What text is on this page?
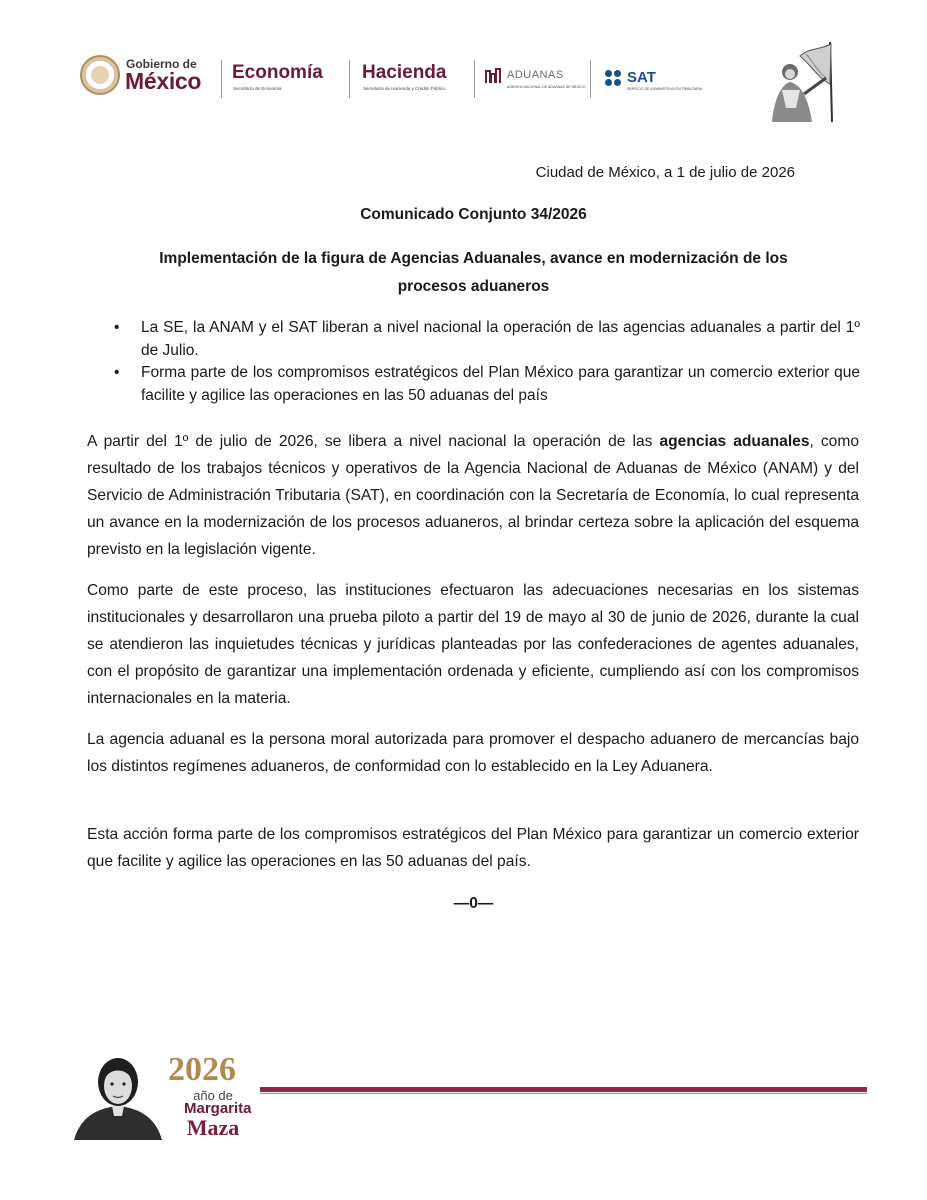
Gobierno de
México Economía
Secretaría de Economía
Hacienda
Secretaría de Hacienda y Crédito Público
ADUANAS
AGENCIA NACIONAL DE ADUANAS DE MÉXICO
SAT
SERVICIO DE ADMINISTRACIÓN TRIBUTARIA
Ciudad de México, a 1 de julio de 2026
Comunicado Conjunto 34/2026
Implementación de la figura de Agencias Aduanales, avance en modernización de los
procesos aduaneros
• La SE, la ANAM y el SAT liberan a nivel nacional la operación de las agencias aduanales a partir del 1º de Julio.
• Forma parte de los compromisos estratégicos del Plan México para garantizar un comercio exterior que facilite y agilice las operaciones en las 50 aduanas del país

A partir del 1º de julio de 2026, se libera a nivel nacional la operación de las agencias aduanales, como resultado de los trabajos técnicos y operativos de la Agencia Nacional de Aduanas de México (ANAM) y del Servicio de Administración Tributaria (SAT), en coordinación con la Secretaría de Economía, lo cual representa un avance en la modernización de los procesos aduaneros, al brindar certeza sobre la aplicación del esquema previsto en la legislación vigente.

Como parte de este proceso, las instituciones efectuaron las adecuaciones necesarias en los sistemas institucionales y desarrollaron una prueba piloto a partir del 19 de mayo al 30 de junio de 2026, durante la cual se atendieron las inquietudes técnicas y jurídicas planteadas por las confederaciones de agentes aduanales, con el propósito de garantizar una implementación ordenada y eficiente, cumpliendo así con los compromisos internacionales en la materia.

La agencia aduanal es la persona moral autorizada para promover el despacho aduanero de mercancías bajo los distintos regímenes aduaneros, de conformidad con lo establecido en la Ley Aduanera.

Esta acción forma parte de los compromisos estratégicos del Plan México para garantizar un comercio exterior que facilite y agilice las operaciones en las 50 aduanas del país.

—0—
2026
año de
Margarita
Maza
